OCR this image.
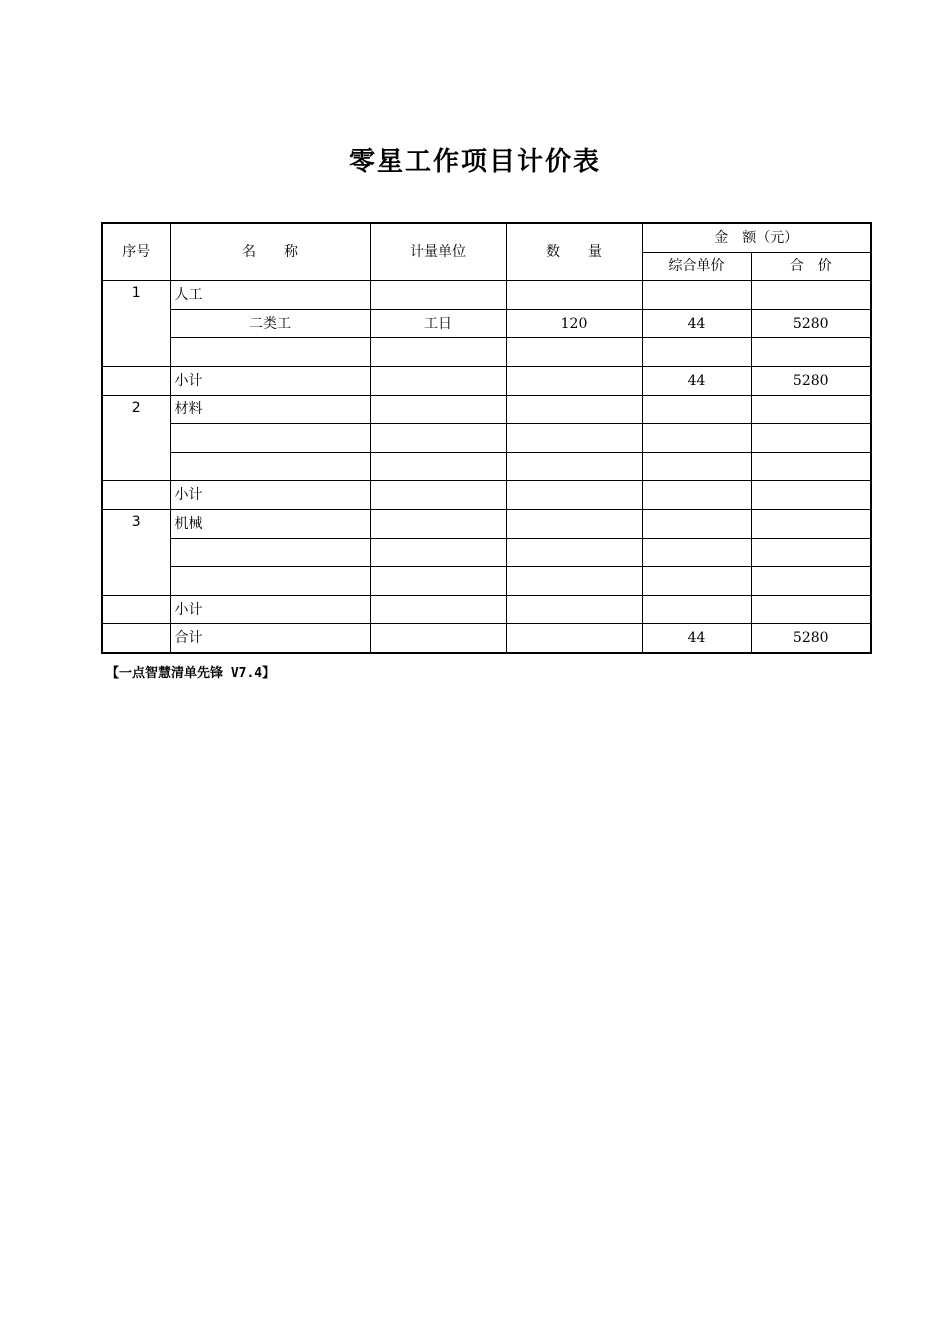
零星工作项目计价表
序号	名　　称	计量单位	数　　量	金　额（元）	
				综合单价	合　价
1	人工				
	二类工	工日	120	44	5280

	小计			44	5280
2	材料				

	小计				
3	机械				

	小计				
	合计			44	5280
【一点智慧清单先锋 V7.4】
